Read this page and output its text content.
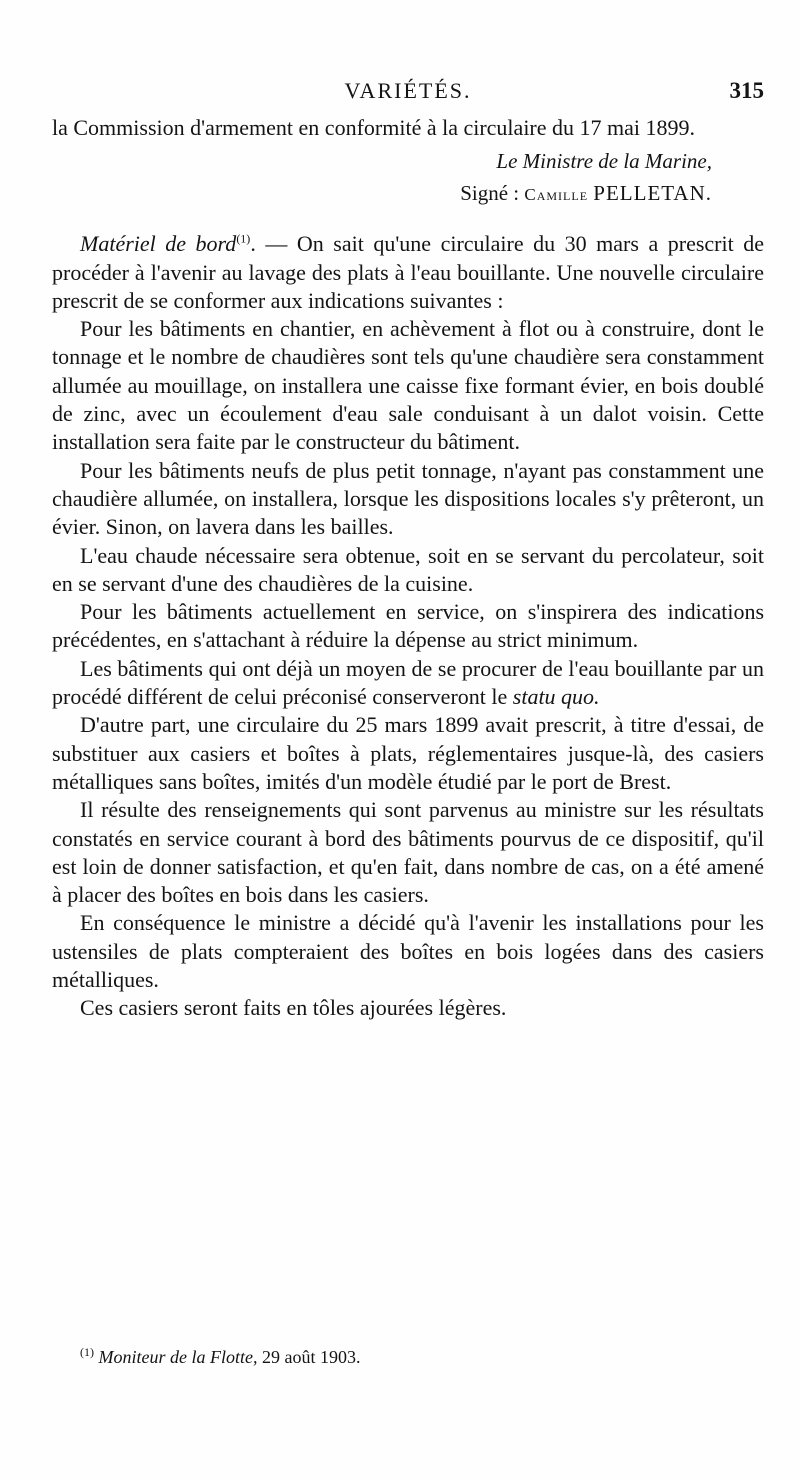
VARIÉTÉS.	315

la Commission d'armement en conformité à la circulaire du 17 mai 1899.

Le Ministre de la Marine,
Signé : Camille PELLETAN.

Matériel de bord$^{(1)}$. — On sait qu'une circulaire du 30 mars a prescrit de procéder à l'avenir au lavage des plats à l'eau bouillante. Une nouvelle circulaire prescrit de se conformer aux indications suivantes :

Pour les bâtiments en chantier, en achèvement à flot ou à construire, dont le tonnage et le nombre de chaudières sont tels qu'une chaudière sera constamment allumée au mouillage, on installera une caisse fixe formant évier, en bois doublé de zinc, avec un écoulement d'eau sale conduisant à un dalot voisin. Cette installation sera faite par le constructeur du bâtiment.

Pour les bâtiments neufs de plus petit tonnage, n'ayant pas constamment une chaudière allumée, on installera, lorsque les dispositions locales s'y prêteront, un évier. Sinon, on lavera dans les bailles.

L'eau chaude nécessaire sera obtenue, soit en se servant du percolateur, soit en se servant d'une des chaudières de la cuisine.

Pour les bâtiments actuellement en service, on s'inspirera des indications précédentes, en s'attachant à réduire la dépense au strict minimum.

Les bâtiments qui ont déjà un moyen de se procurer de l'eau bouillante par un procédé différent de celui préconisé conserveront le statu quo.

D'autre part, une circulaire du 25 mars 1899 avait prescrit, à titre d'essai, de substituer aux casiers et boîtes à plats, réglementaires jusque-là, des casiers métalliques sans boîtes, imités d'un modèle étudié par le port de Brest.

Il résulte des renseignements qui sont parvenus au ministre sur les résultats constatés en service courant à bord des bâtiments pourvus de ce dispositif, qu'il est loin de donner satisfaction, et qu'en fait, dans nombre de cas, on a été amené à placer des boîtes en bois dans les casiers.

En conséquence le ministre a décidé qu'à l'avenir les installations pour les ustensiles de plats compteraient des boîtes en bois logées dans des casiers métalliques.

Ces casiers seront faits en tôles ajourées légères.

$^{(1)}$ Moniteur de la Flotte, 29 août 1903.
